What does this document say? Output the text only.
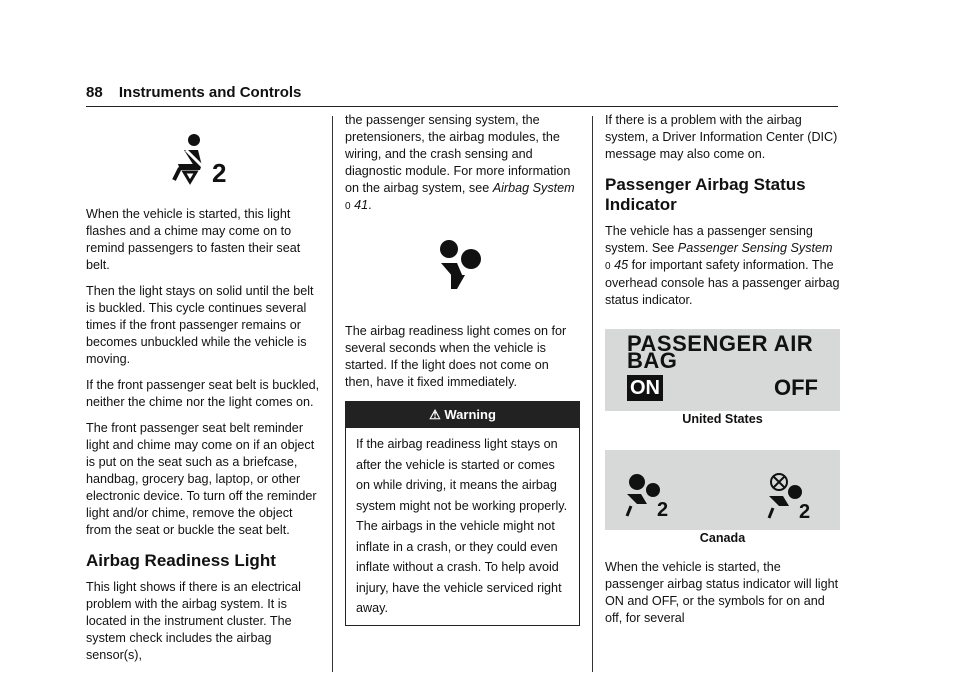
88 Instruments and Controls
2

When the vehicle is started, this light flashes and a chime may come on to remind passengers to fasten their seat belt.

Then the light stays on solid until the belt is buckled. This cycle continues several times if the front passenger remains or becomes unbuckled while the vehicle is moving.

If the front passenger seat belt is buckled, neither the chime nor the light comes on.

The front passenger seat belt reminder light and chime may come on if an object is put on the seat such as a briefcase, handbag, grocery bag, laptop, or other electronic device. To turn off the reminder light and/or chime, remove the object from the seat or buckle the seat belt.

Airbag Readiness Light

This light shows if there is an electrical problem with the airbag system. It is located in the instrument cluster. The system check includes the airbag sensor(s),

the passenger sensing system, the pretensioners, the airbag modules, the wiring, and the crash sensing and diagnostic module. For more information on the airbag system, see Airbag System 0 41.

The airbag readiness light comes on for several seconds when the vehicle is started. If the light does not come on then, have it fixed immediately.

⚠ Warning
If the airbag readiness light stays on after the vehicle is started or comes on while driving, it means the airbag system might not be working properly. The airbags in the vehicle might not inflate in a crash, or they could even inflate without a crash. To help avoid injury, have the vehicle serviced right away.

If there is a problem with the airbag system, a Driver Information Center (DIC) message may also come on.

Passenger Airbag Status Indicator

The vehicle has a passenger sensing system. See Passenger Sensing System 0 45 for important safety information. The overhead console has a passenger airbag status indicator.

PASSENGER AIR BAG
ON	OFF

United States

2	2

Canada

When the vehicle is started, the passenger airbag status indicator will light ON and OFF, or the symbols for on and off, for several
